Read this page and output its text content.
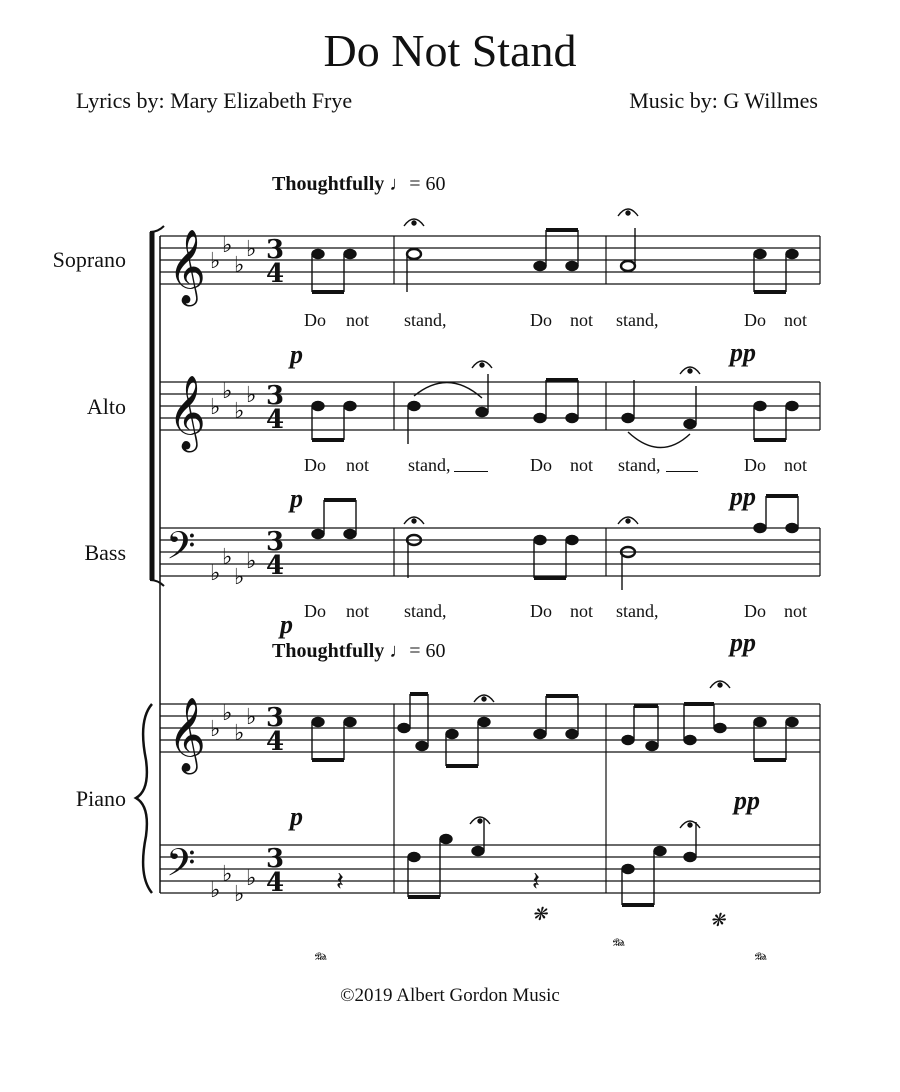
Do Not Stand
Lyrics by: Mary Elizabeth Frye	Music by: G Willmes
Thoughtfully ♩= 60
Thoughtfully ♩= 60
Soprano
Alto
Bass
Piano
𝄞
𝄞
𝄢
𝄞
𝄢
♭
♭
♭
♭
♭
♭
♭
♭
♭
♭
♭
♭
♭
♭
♭
♭
♭
♭
♭
♭
3
4
3
4
3
4
3
4
3
4 𝄽	𝄽
𝆮
𝆮
𝆮
❋	❋
Do not stand,	Do not stand,	Do not
Do not stand,	Do not stand,	Do not
Do not stand,	Do not stand,	Do not
p	pp
p	pp
p
pp
p
pp
©2019 Albert Gordon Music
